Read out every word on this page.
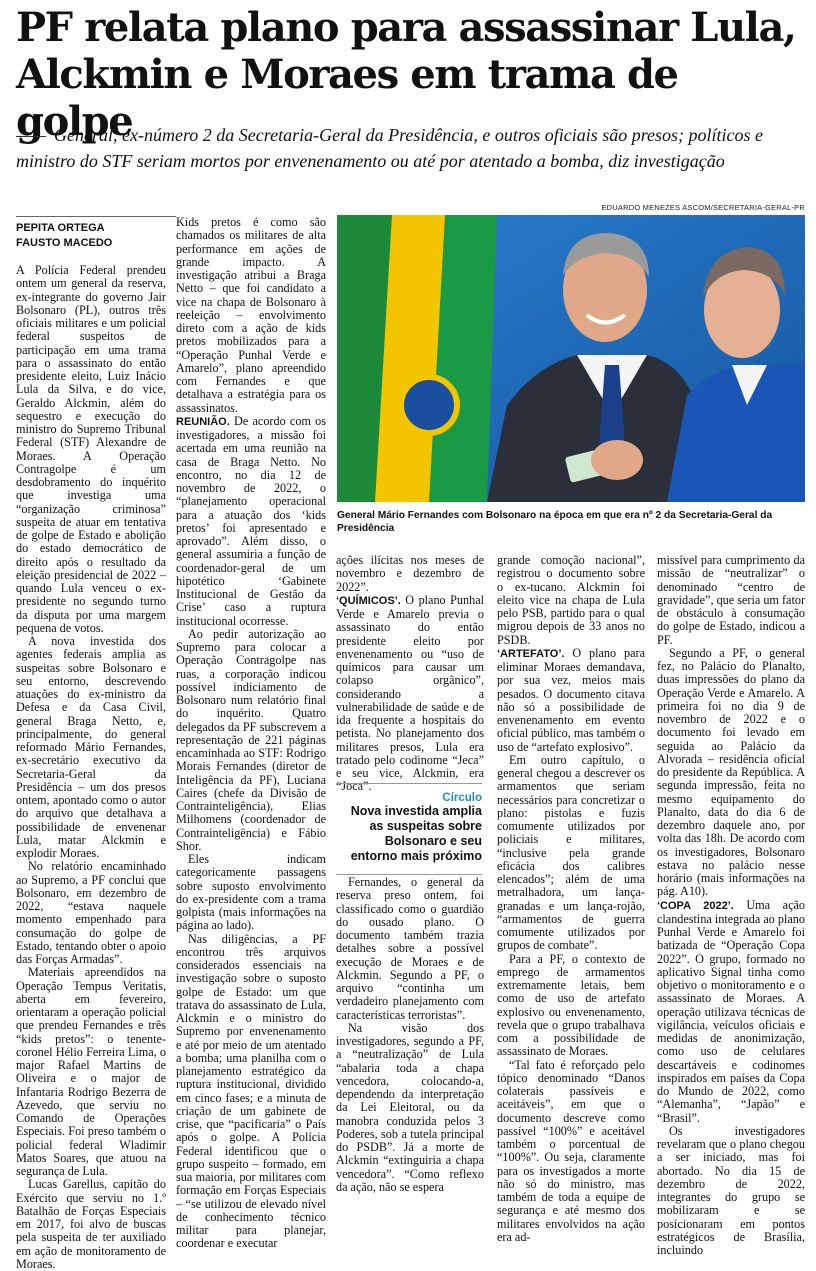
PF relata plano para assassinar Lula,
Alckmin e Moraes em trama de golpe

General, ex-número 2 da Secretaria-Geral da Presidência, e outros oficiais são presos; políticos e ministro do STF seriam mortos por envenenamento ou até por atentado a bomba, diz investigação

PEPITA ORTEGA
FAUSTO MACEDO

A Polícia Federal prendeu ontem um general da reserva, ex-integrante do governo Jair Bolsonaro (PL), outros três oficiais militares e um policial federal suspeitos de participação em uma trama para o assassinato do então presidente eleito, Luiz Inácio Lula da Silva, e do vice, Geraldo Alckmin, além do sequestro e execução do ministro do Supremo Tribunal Federal (STF) Alexandre de Moraes. A Operação Contragolpe é um desdobramento do inquérito que investiga uma “organização criminosa” suspeita de atuar em tentativa de golpe de Estado e abolição do estado democrático de direito após o resultado da eleição presidencial de 2022 – quando Lula venceu o ex-presidente no segundo turno da disputa por uma margem pequena de votos.

A nova investida dos agentes federais amplia as suspeitas sobre Bolsonaro e seu entorno, descrevendo atuações do ex-ministro da Defesa e da Casa Civil, general Braga Netto, e, principalmente, do general reformado Mário Fernandes, ex-secretário executivo da Secretaria-Geral da Presidência – um dos presos ontem, apontado como o autor do arquivo que detalhava a possibilidade de envenenar Lula, matar Alckmin e explodir Moraes.

No relatório encaminhado ao Supremo, a PF conclui que Bolsonaro, em dezembro de 2022, “estava naquele momento empenhado para consumação do golpe de Estado, tentando obter o apoio das Forças Armadas”.

Materiais apreendidos na Operação Tempus Veritatis, aberta em fevereiro, orientaram a operação policial que prendeu Fernandes e três “kids pretos”: o tenente-coronel Hélio Ferreira Lima, o major Rafael Martins de Oliveira e o major de Infantaria Rodrigo Bezerra de Azevedo, que serviu no Comando de Operações Especiais. Foi preso também o policial federal Wladimir Matos Soares, que atuou na segurança de Lula.

Lucas Garellus, capitão do Exército que serviu no 1.º Batalhão de Forças Especiais em 2017, foi alvo de buscas pela suspeita de ter auxiliado em ação de monitoramento de Moraes.

Kids pretos é como são chamados os militares de alta performance em ações de grande impacto. A investigação atribui a Braga Netto – que foi candidato a vice na chapa de Bolsonaro à reeleição – envolvimento direto com a ação de kids pretos mobilizados para a “Operação Punhal Verde e Amarelo”, plano apreendido com Fernandes e que detalhava a estratégia para os assassinatos.

REUNIÃO. De acordo com os investigadores, a missão foi acertada em uma reunião na casa de Braga Netto. No encontro, no dia 12 de novembro de 2022, o “planejamento operacional para a atuação dos ‘kids pretos’ foi apresentado e aprovado”. Além disso, o general assumiria a função de coordenador-geral de um hipotético ‘Gabinete Institucional de Gestão da Crise’ caso a ruptura institucional ocorresse.

Ao pedir autorização ao Supremo para colocar a Operação Contragolpe nas ruas, a corporação indicou possível indiciamento de Bolsonaro num relatório final do inquérito. Quatro delegados da PF subscrevem a representação de 221 páginas encaminhada ao STF: Rodrigo Morais Fernandes (diretor de Inteligência da PF), Luciana Caires (chefe da Divisão de Contrainteligência), Elias Milhomens (coordenador de Contrainteligência) e Fábio Shor.

Eles indicam categoricamente passagens sobre suposto envolvimento do ex-presidente com a trama golpista (mais informações na página ao lado).

Nas diligências, a PF encontrou três arquivos considerados essenciais na investigação sobre o suposto golpe de Estado: um que tratava do assassinato de Lula, Alckmin e o ministro do Supremo por envenenamento e até por meio de um atentado a bomba; uma planilha com o planejamento estratégico da ruptura institucional, dividido em cinco fases; e a minuta de criação de um gabinete de crise, que “pacificaria” o País após o golpe. A Polícia Federal identificou que o grupo suspeito – formado, em sua maioria, por militares com formação em Forças Especiais – “se utilizou de elevado nível de conhecimento técnico militar para planejar, coordenar e executar

EDUARDO MENEZES ASCOM/SECRETARIA-GERAL-PR
General Mário Fernandes com Bolsonaro na época em que era nº 2 da Secretaria-Geral da Presidência

ações ilícitas nos meses de novembro e dezembro de 2022”.

‘QUÍMICOS’. O plano Punhal Verde e Amarelo previa o assassinato do então presidente eleito por envenenamento ou “uso de químicos para causar um colapso orgânico”, considerando a vulnerabilidade de saúde e de ida frequente a hospitais do petista. No planejamento dos militares presos, Lula era tratado pelo codinome “Jeca” e seu vice, Alckmin, era “Joca”.

Círculo
Nova investida amplia as suspeitas sobre Bolsonaro e seu entorno mais próximo

Fernandes, o general da reserva preso ontem, foi classificado como o guardião do ousado plano. O documento também trazia detalhes sobre a possível execução de Moraes e de Alckmin. Segundo a PF, o arquivo “continha um verdadeiro planejamento com características terroristas”.

Na visão dos investigadores, segundo a PF, a “neutralização” de Lula “abalaria toda a chapa vencedora, colocando-a, dependendo da interpretação da Lei Eleitoral, ou da manobra conduzida pelos 3 Poderes, sob a tutela principal do PSDB”. Já a morte de Alckmin “extinguiria a chapa vencedora”. “Como reflexo da ação, não se espera

grande comoção nacional”, registrou o documento sobre o ex-tucano. Alckmin foi eleito vice na chapa de Lula pelo PSB, partido para o qual migrou depois de 33 anos no PSDB.

‘ARTEFATO’. O plano para eliminar Moraes demandava, por sua vez, meios mais pesados. O documento citava não só a possibilidade de envenenamento em evento oficial público, mas também o uso de “artefato explosivo”.

Em outro capítulo, o general chegou a descrever os armamentos que seriam necessários para concretizar o plano: pistolas e fuzis comumente utilizados por policiais e militares, “inclusive pela grande eficácia dos calibres elencados”; além de uma metralhadora, um lança-granadas e um lança-rojão, “armamentos de guerra comumente utilizados por grupos de combate”.

Para a PF, o contexto de emprego de armamentos extremamente letais, bem como de uso de artefato explosivo ou envenenamento, revela que o grupo trabalhava com a possibilidade de assassinato de Moraes.

“Tal fato é reforçado pelo tópico denominado “Danos colaterais passíveis e aceitáveis”, em que o documento descreve como passível “100%” e aceitável também o porcentual de “100%”. Ou seja, claramente para os investigados a morte não só do ministro, mas também de toda a equipe de segurança e até mesmo dos militares envolvidos na ação era ad-

missível para cumprimento da missão de “neutralizar” o denominado “centro de gravidade”, que seria um fator de obstáculo à consumação do golpe de Estado, indicou a PF.

Segundo a PF, o general fez, no Palácio do Planalto, duas impressões do plano da Operação Verde e Amarelo. A primeira foi no dia 9 de novembro de 2022 e o documento foi levado em seguida ao Palácio da Alvorada – residência oficial do presidente da República. A segunda impressão, feita no mesmo equipamento do Planalto, data do dia 6 de dezembro daquele ano, por volta das 18h. De acordo com os investigadores, Bolsonaro estava no palácio nesse horário (mais informações na pág. A10).

‘COPA 2022’. Uma ação clandestina integrada ao plano Punhal Verde e Amarelo foi batizada de “Operação Copa 2022”. O grupo, formado no aplicativo Signal tinha como objetivo o monitoramento e o assassinato de Moraes. A operação utilizava técnicas de vigilância, veículos oficiais e medidas de anonimização, como uso de celulares descartáveis e codinomes inspirados em países da Copa do Mundo de 2022, como “Alemanha”, “Japão” e “Brasil”.

Os investigadores revelaram que o plano chegou a ser iniciado, mas foi abortado. No dia 15 de dezembro de 2022, integrantes do grupo se mobilizaram e se posicionaram em pontos estratégicos de Brasília, incluindo
